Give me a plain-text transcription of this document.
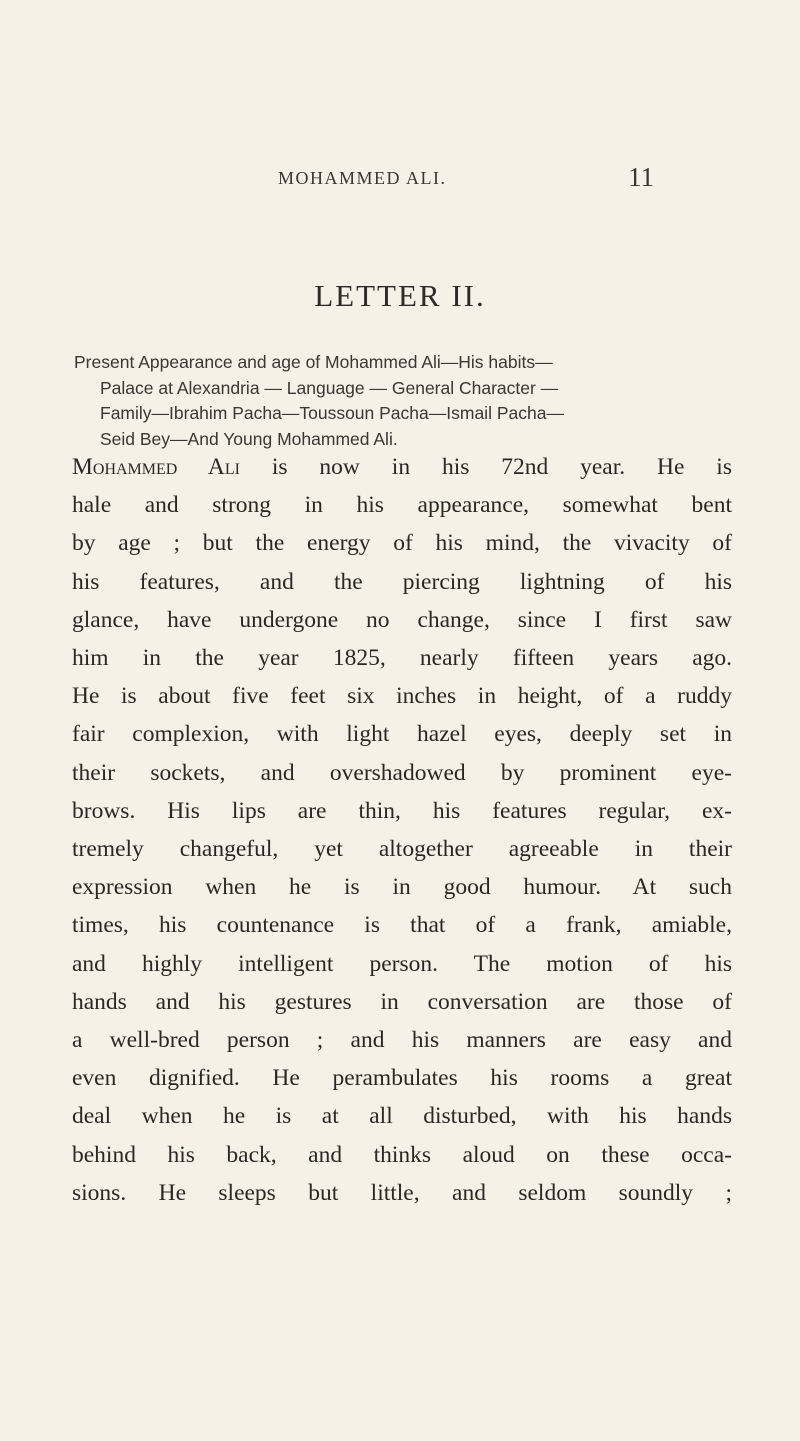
MOHAMMED ALI.	11
LETTER II.
Present Appearance and age of Mohammed Ali—His habits—
Palace at Alexandria — Language — General Character —
Family—Ibrahim Pacha—Toussoun Pacha—Ismail Pacha—
Seid Bey—And Young Mohammed Ali.
Mohammed Ali is now in his 72nd year. He is
hale and strong in his appearance, somewhat bent
by age ; but the energy of his mind, the vivacity of
his features, and the piercing lightning of his
glance, have undergone no change, since I first saw
him in the year 1825, nearly fifteen years ago.
He is about five feet six inches in height, of a ruddy
fair complexion, with light hazel eyes, deeply set in
their sockets, and overshadowed by prominent eye-
brows. His lips are thin, his features regular, ex-
tremely changeful, yet altogether agreeable in their
expression when he is in good humour. At such
times, his countenance is that of a frank, amiable,
and highly intelligent person. The motion of his
hands and his gestures in conversation are those of
a well-bred person ; and his manners are easy and
even dignified. He perambulates his rooms a great
deal when he is at all disturbed, with his hands
behind his back, and thinks aloud on these occa-
sions. He sleeps but little, and seldom soundly ;
